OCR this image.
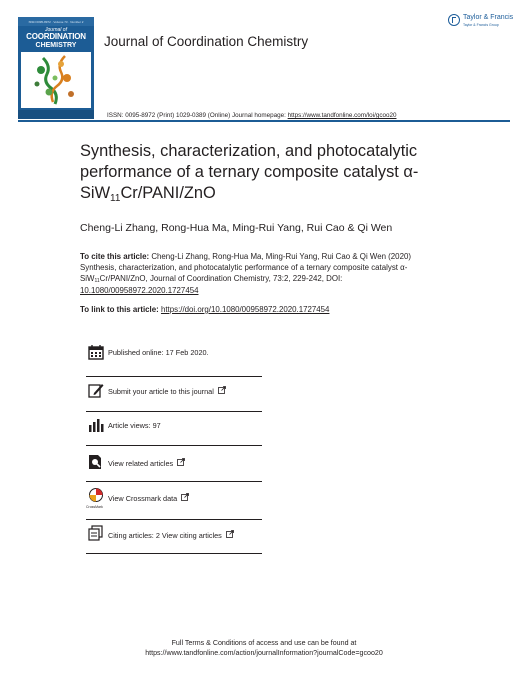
ISSN 0095-8972 · Volume 73 · Number 2
Journal of
COORDINATION
CHEMISTRY	Journal of Coordination Chemistry
Taylor & Francis
Taylor & Francis Group
ISSN: 0095-8972 (Print) 1029-0389 (Online) Journal homepage: https://www.tandfonline.com/loi/gcoo20
Synthesis, characterization, and photocatalytic performance of a ternary composite catalyst α-SiW$_{11}$Cr/PANI/ZnO
Cheng-Li Zhang, Rong-Hua Ma, Ming-Rui Yang, Rui Cao & Qi Wen
To cite this article: Cheng-Li Zhang, Rong-Hua Ma, Ming-Rui Yang, Rui Cao & Qi Wen (2020) Synthesis, characterization, and photocatalytic performance of a ternary composite catalyst α-SiW$_{11}$Cr/PANI/ZnO, Journal of Coordination Chemistry, 73:2, 229-242, DOI: 10.1080/00958972.2020.1727454
To link to this article: https://doi.org/10.1080/00958972.2020.1727454
Published online: 17 Feb 2020.
Submit your article to this journal
Article views: 97
View related articles
CrossMark
View Crossmark data
Citing articles: 2 View citing articles
Full Terms & Conditions of access and use can be found at
https://www.tandfonline.com/action/journalInformation?journalCode=gcoo20
